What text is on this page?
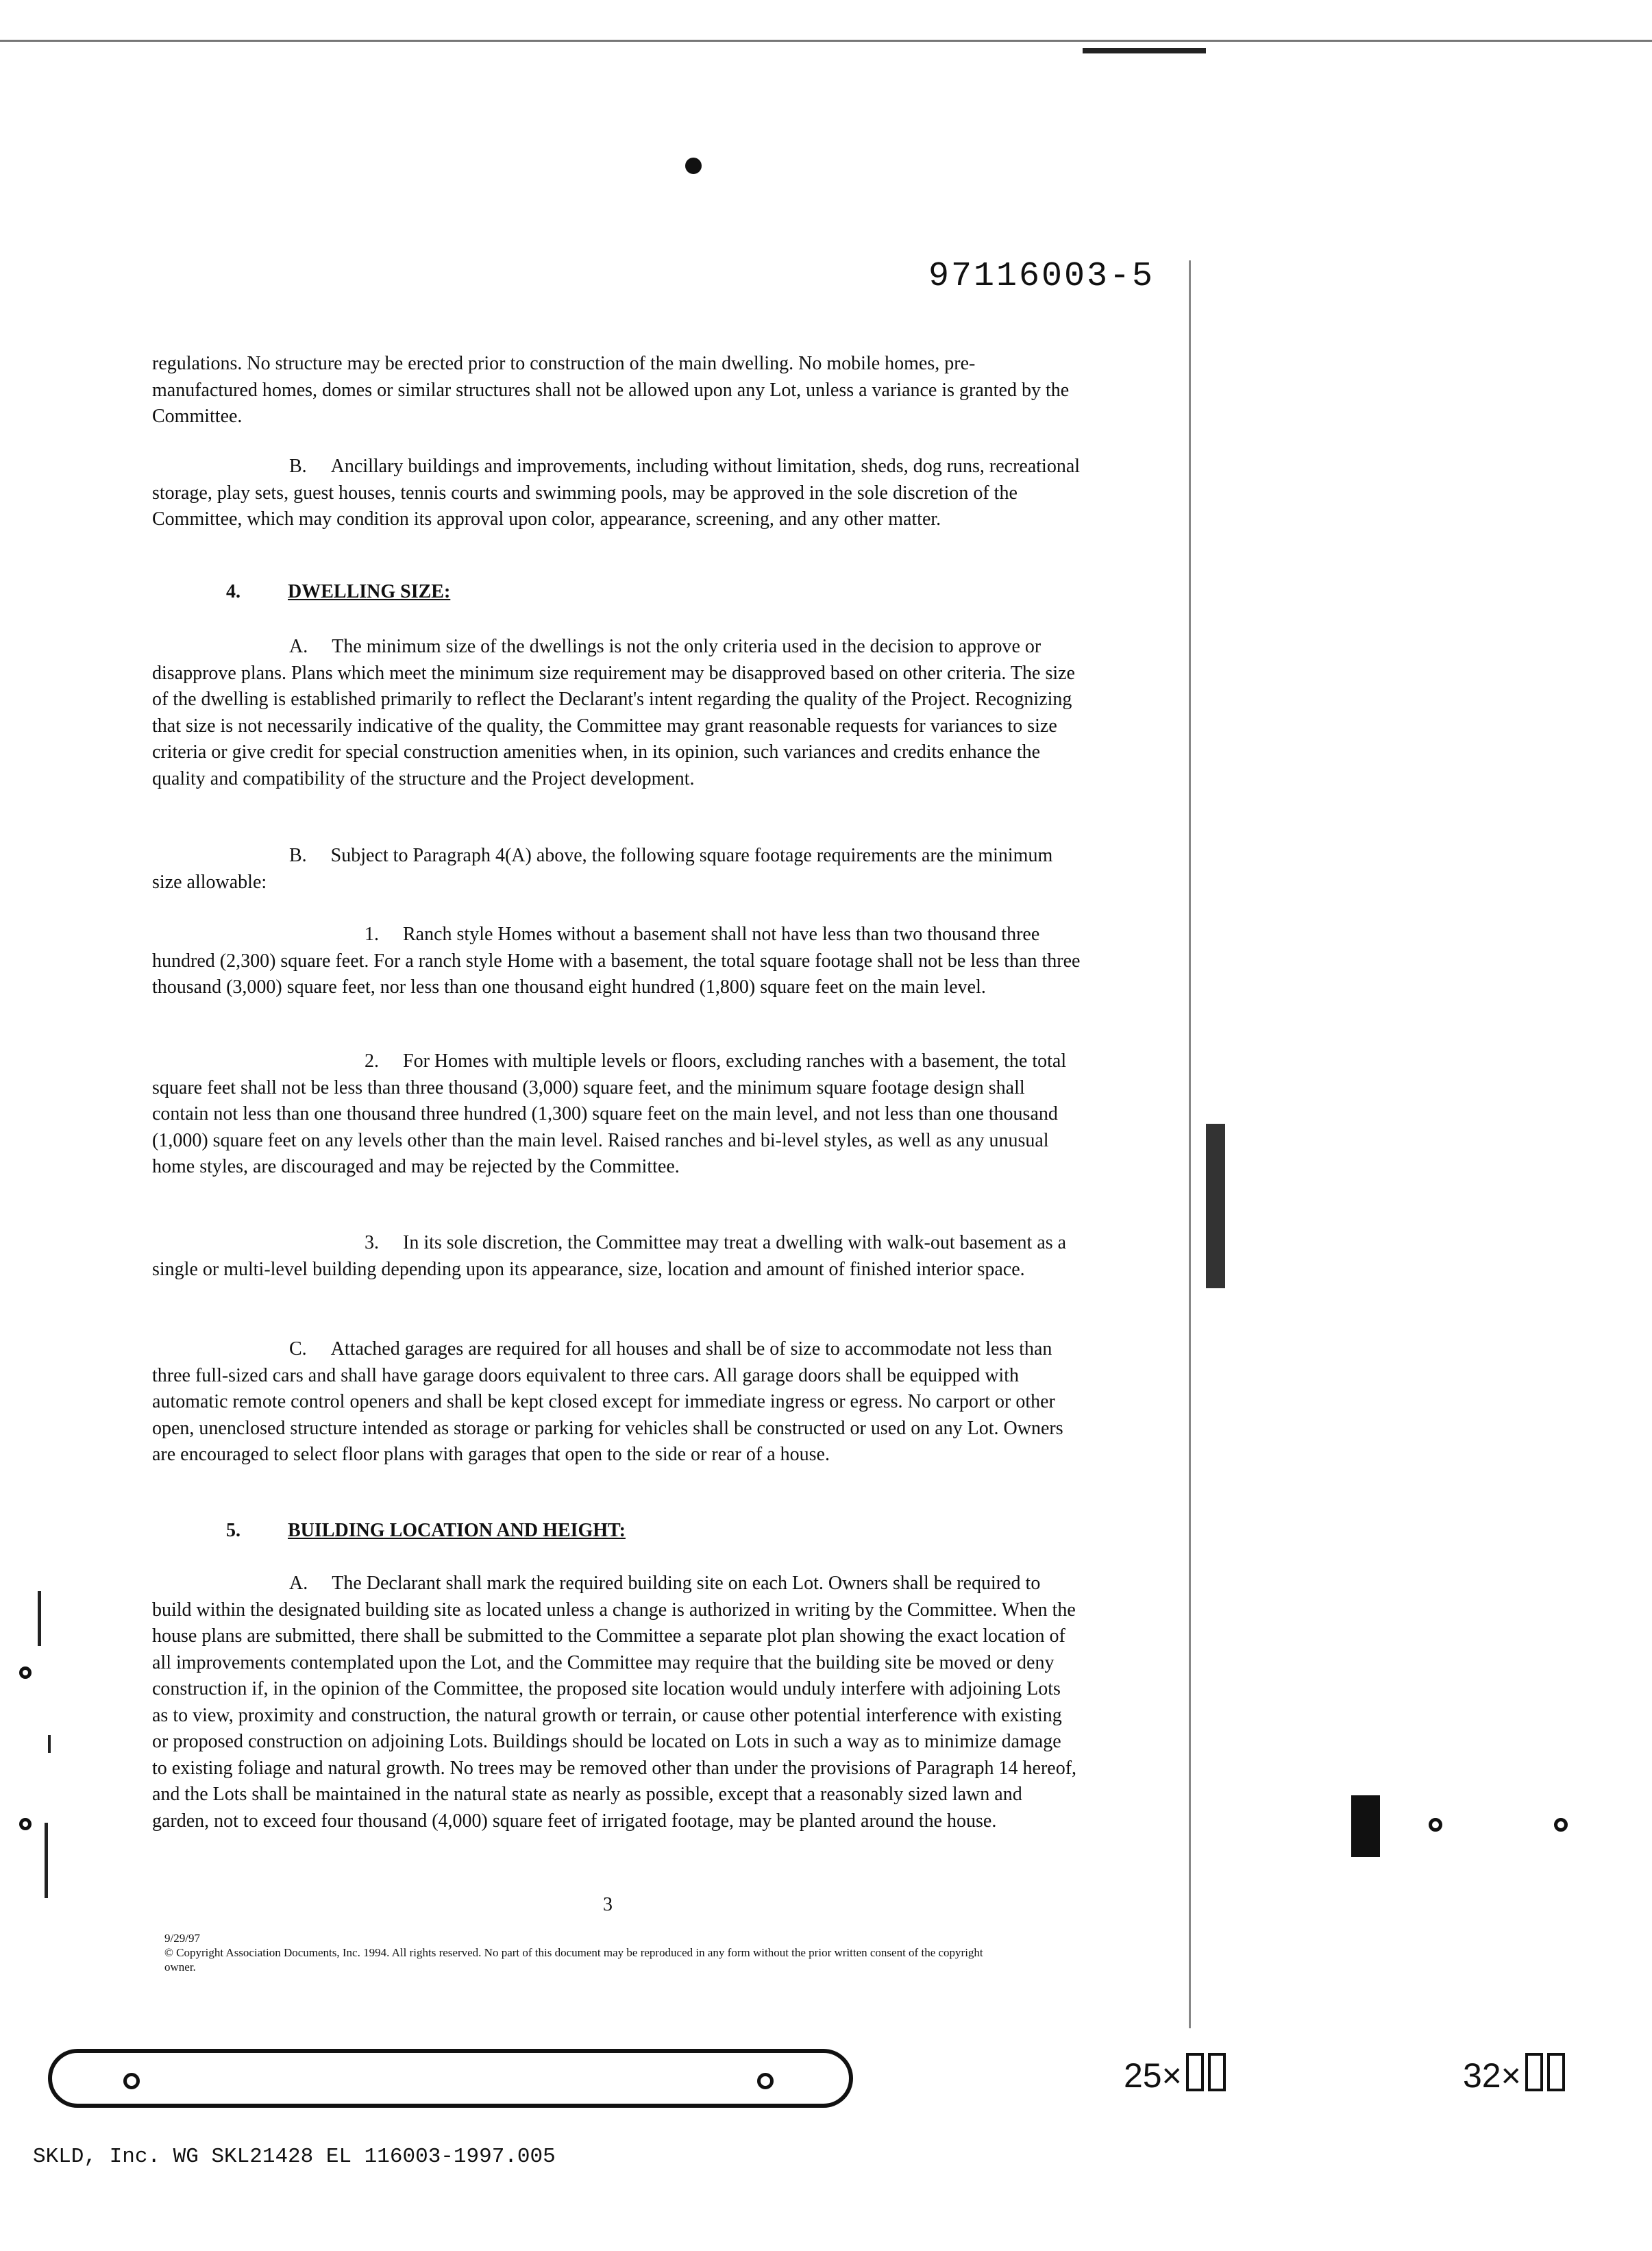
97116003-5

regulations. No structure may be erected prior to construction of the main dwelling. No mobile homes, pre-manufactured homes, domes or similar structures shall not be allowed upon any Lot, unless a variance is granted by the Committee.

B.     Ancillary buildings and improvements, including without limitation, sheds, dog runs, recreational storage, play sets, guest houses, tennis courts and swimming pools, may be approved in the sole discretion of the Committee, which may condition its approval upon color, appearance, screening, and any other matter.

4. DWELLING SIZE:

A.     The minimum size of the dwellings is not the only criteria used in the decision to approve or disapprove plans. Plans which meet the minimum size requirement may be disapproved based on other criteria. The size of the dwelling is established primarily to reflect the Declarant's intent regarding the quality of the Project. Recognizing that size is not necessarily indicative of the quality, the Committee may grant reasonable requests for variances to size criteria or give credit for special construction amenities when, in its opinion, such variances and credits enhance the quality and compatibility of the structure and the Project development.

B.     Subject to Paragraph 4(A) above, the following square footage requirements are the minimum size allowable:

1.     Ranch style Homes without a basement shall not have less than two thousand three hundred (2,300) square feet. For a ranch style Home with a basement, the total square footage shall not be less than three thousand (3,000) square feet, nor less than one thousand eight hundred (1,800) square feet on the main level.

2.     For Homes with multiple levels or floors, excluding ranches with a basement, the total square feet shall not be less than three thousand (3,000) square feet, and the minimum square footage design shall contain not less than one thousand three hundred (1,300) square feet on the main level, and not less than one thousand (1,000) square feet on any levels other than the main level. Raised ranches and bi-level styles, as well as any unusual home styles, are discouraged and may be rejected by the Committee.

3.     In its sole discretion, the Committee may treat a dwelling with walk-out basement as a single or multi-level building depending upon its appearance, size, location and amount of finished interior space.

C.     Attached garages are required for all houses and shall be of size to accommodate not less than three full-sized cars and shall have garage doors equivalent to three cars. All garage doors shall be equipped with automatic remote control openers and shall be kept closed except for immediate ingress or egress. No carport or other open, unenclosed structure intended as storage or parking for vehicles shall be constructed or used on any Lot. Owners are encouraged to select floor plans with garages that open to the side or rear of a house.

5. BUILDING LOCATION AND HEIGHT:

A.     The Declarant shall mark the required building site on each Lot. Owners shall be required to build within the designated building site as located unless a change is authorized in writing by the Committee. When the house plans are submitted, there shall be submitted to the Committee a separate plot plan showing the exact location of all improvements contemplated upon the Lot, and the Committee may require that the building site be moved or deny construction if, in the opinion of the Committee, the proposed site location would unduly interfere with adjoining Lots as to view, proximity and construction, the natural growth or terrain, or cause other potential interference with existing or proposed construction on adjoining Lots. Buildings should be located on Lots in such a way as to minimize damage to existing foliage and natural growth. No trees may be removed other than under the provisions of Paragraph 14 hereof, and the Lots shall be maintained in the natural state as nearly as possible, except that a reasonably sized lawn and garden, not to exceed four thousand (4,000) square feet of irrigated footage, may be planted around the house.

3
9/29/97
© Copyright Association Documents, Inc. 1994. All rights reserved. No part of this document may be reproduced in any form without the prior written consent of the copyright owner.
25×	32×
SKLD, Inc. WG SKL21428 EL 116003-1997.005
